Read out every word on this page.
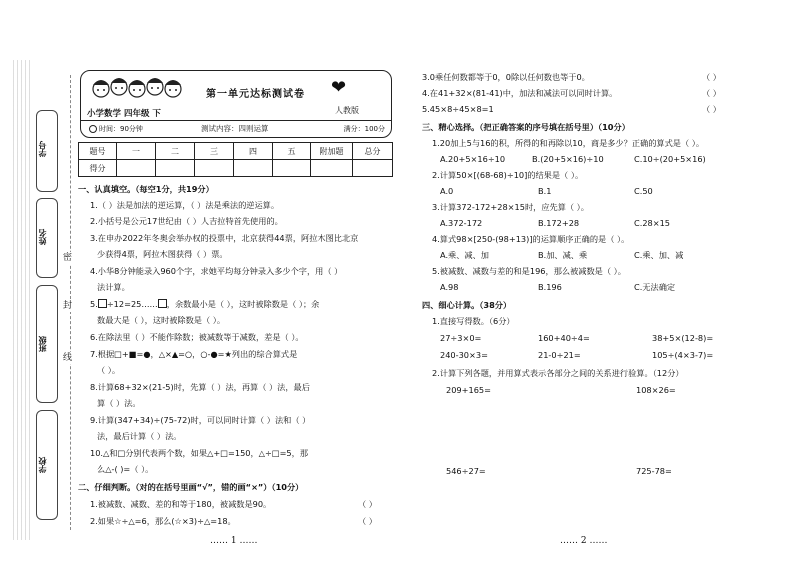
学号
姓名
班级
学校
密
封
线
第一单元达标测试卷 ❤
人教版
小学数学 四年级 下
时间：90分钟	测试内容：四则运算	满分：100分
题号	一	二	三	四	五	附加题	总分
得分							
一、认真填空。（每空1分，共19分）
1.（ ）法是加法的逆运算，（ ）法是乘法的逆运算。
2.小括号是公元17世纪由（ ）人吉拉特首先使用的。
3.在申办2022年冬奥会举办权的投票中，北京获得44票，阿拉木图比北京
少获得4票，阿拉木图获得（ ）票。
4.小华8分钟能录入960个字，求她平均每分钟录入多少个字，用（ ）
法计算。
5. ÷12=25…… ，余数最小是（ ），这时被除数是（ ）；余
数最大是（ ），这时被除数是（ ）。
6.在除法里（ ）不能作除数；被减数等于减数，差是（ ）。
7.根据□+■=●，△×▲=○，○-●=★列出的综合算式是
（ ）。
8.计算68+32×(21-5)时，先算（ ）法，再算（ ）法，最后
算（ ）法。
9.计算(347+34)÷(75-72)时，可以同时计算（ ）法和（ ）
法，最后计算（ ）法。
10.△和□分别代表两个数，如果△+□=150，△÷□=5，那
么△-( )=（ ）。
二、仔细判断。（对的在括号里画“√”，错的画“×”）（10分）
1.被减数、减数、差的和等于180，被减数是90。	（ ）
2.如果☆÷△=6，那么(☆×3)÷△=18。	（ ）
…… 1 ……
3.0乘任何数都等于0，0除以任何数也等于0。	（ ）
4.在41+32×(81-41)中，加法和减法可以同时计算。	（ ）
5.45×8÷45×8=1	（ ）
三、精心选择。（把正确答案的序号填在括号里）（10分）
1.20加上5与16的积，所得的和再除以10，商是多少？正确的算式是（ ）。
A.20+5×16÷10	B.(20+5×16)÷10	C.10÷(20+5×16)
2.计算50×[(68-68)÷10]的结果是（ ）。
A.0	B.1	C.50
3.计算372-172+28×15时，应先算（ ）。
A.372-172	B.172+28	C.28×15
4.算式98×[250-(98+13)]的运算顺序正确的是（ ）。
A.乘、减、加	B.加、减、乘	C.乘、加、减
5.被减数、减数与差的和是196，那么被减数是（ ）。
A.98	B.196	C.无法确定
四、细心计算。（38分）
1.直接写得数。（6分）
27÷3×0=	160+40÷4=	38+5×(12-8)=
240-30×3=	21-0÷21=	105÷(4×3-7)=
2.计算下列各题，并用算式表示各部分之间的关系进行验算。（12分）
209+165=	108×26=
546÷27=	725-78=
…… 2 ……
